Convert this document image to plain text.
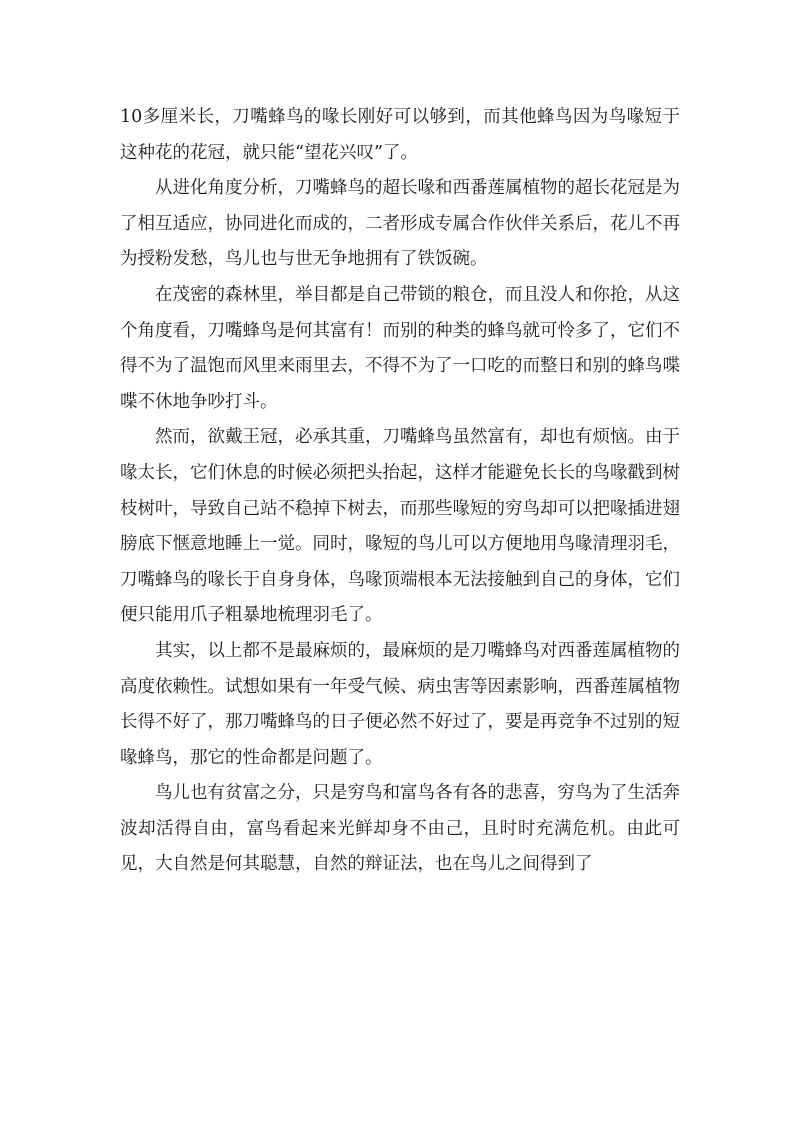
10多厘米长，刀嘴蜂鸟的喙长刚好可以够到，而其他蜂鸟因为鸟喙短于这种花的花冠，就只能“望花兴叹”了。

从进化角度分析，刀嘴蜂鸟的超长喙和西番莲属植物的超长花冠是为了相互适应，协同进化而成的，二者形成专属合作伙伴关系后，花儿不再为授粉发愁，鸟儿也与世无争地拥有了铁饭碗。

在茂密的森林里，举目都是自己带锁的粮仓，而且没人和你抢，从这个角度看，刀嘴蜂鸟是何其富有！而别的种类的蜂鸟就可怜多了，它们不得不为了温饱而风里来雨里去，不得不为了一口吃的而整日和别的蜂鸟喋喋不休地争吵打斗。

然而，欲戴王冠，必承其重，刀嘴蜂鸟虽然富有，却也有烦恼。由于喙太长，它们休息的时候必须把头抬起，这样才能避免长长的鸟喙戳到树枝树叶，导致自己站不稳掉下树去，而那些喙短的穷鸟却可以把喙插进翅膀底下惬意地睡上一觉。同时，喙短的鸟儿可以方便地用鸟喙清理羽毛，刀嘴蜂鸟的喙长于自身身体，鸟喙顶端根本无法接触到自己的身体，它们便只能用爪子粗暴地梳理羽毛了。

其实，以上都不是最麻烦的，最麻烦的是刀嘴蜂鸟对西番莲属植物的高度依赖性。试想如果有一年受气候、病虫害等因素影响，西番莲属植物长得不好了，那刀嘴蜂鸟的日子便必然不好过了，要是再竞争不过别的短喙蜂鸟，那它的性命都是问题了。

鸟儿也有贫富之分，只是穷鸟和富鸟各有各的悲喜，穷鸟为了生活奔波却活得自由，富鸟看起来光鲜却身不由己，且时时充满危机。由此可见，大自然是何其聪慧，自然的辩证法，也在鸟儿之间得到了
